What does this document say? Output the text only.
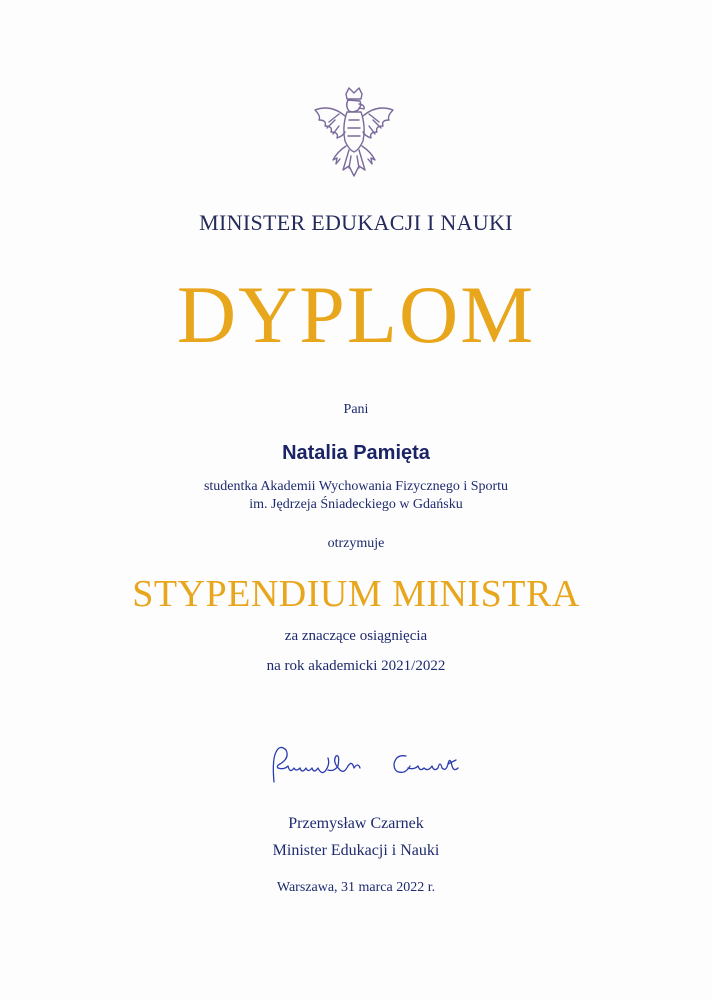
MINISTER EDUKACJI I NAUKI
DYPLOM
Pani
Natalia Pamięta
studentka Akademii Wychowania Fizycznego i Sportu
im. Jędrzeja Śniadeckiego w Gdańsku
otrzymuje
STYPENDIUM MINISTRA
za znaczące osiągnięcia
na rok akademicki 2021/2022
Przemysław Czarnek
Minister Edukacji i Nauki
Warszawa, 31 marca 2022 r.
